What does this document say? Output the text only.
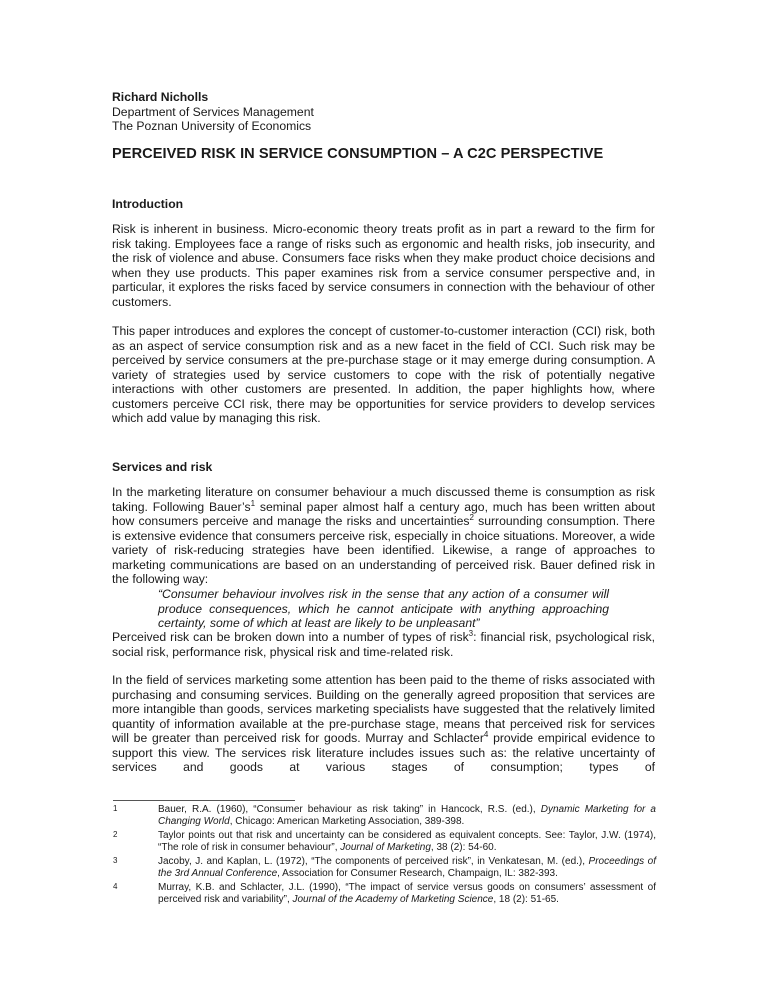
Richard Nicholls
Department of Services Management
The Poznan University of Economics
PERCEIVED RISK IN SERVICE CONSUMPTION – A C2C PERSPECTIVE
Introduction

Risk is inherent in business. Micro-economic theory treats profit as in part a reward to the firm for risk taking. Employees face a range of risks such as ergonomic and health risks, job insecurity, and the risk of violence and abuse. Consumers face risks when they make product choice decisions and when they use products. This paper examines risk from a service consumer perspective and, in particular, it explores the risks faced by service consumers in connection with the behaviour of other customers.

This paper introduces and explores the concept of customer-to-customer interaction (CCI) risk, both as an aspect of service consumption risk and as a new facet in the field of CCI. Such risk may be perceived by service consumers at the pre-purchase stage or it may emerge during consumption. A variety of strategies used by service customers to cope with the risk of potentially negative interactions with other customers are presented. In addition, the paper highlights how, where customers perceive CCI risk, there may be opportunities for service providers to develop services which add value by managing this risk.

Services and risk

In the marketing literature on consumer behaviour a much discussed theme is consumption as risk taking. Following $Bauer’s^1$ seminal paper almost half a century ago, much has been written about how consumers perceive and manage the risks and uncertainties$^2$ surrounding consumption. There is extensive evidence that consumers perceive risk, especially in choice situations. Moreover, a wide variety of risk-reducing strategies have been identified. Likewise, a range of approaches to marketing communications are based on an understanding of perceived risk. Bauer defined risk in the following way:

“Consumer behaviour involves risk in the sense that any action of a consumer will produce consequences, which he cannot anticipate with anything approaching certainty, some of which at least are likely to be unpleasant”

Perceived risk can be broken down into a number of types of risk$^3$: financial risk, psychological risk, social risk, performance risk, physical risk and time-related risk.

In the field of services marketing some attention has been paid to the theme of risks associated with purchasing and consuming services. Building on the generally agreed proposition that services are more intangible than goods, services marketing specialists have suggested that the relatively limited quantity of information available at the pre-purchase stage, means that perceived risk for services will be greater than perceived risk for goods. Murray and Schlacter$^4$ provide empirical evidence to support this view. The services risk literature includes issues such as: the relative uncertainty of services and goods at various stages of consumption; types of

1	Bauer, R.A. (1960), “Consumer behaviour as risk taking” in Hancock, R.S. (ed.), Dynamic Marketing for a Changing World, Chicago: American Marketing Association, 389-398.
2	Taylor points out that risk and uncertainty can be considered as equivalent concepts. See: Taylor, J.W. (1974), “The role of risk in consumer behaviour”, Journal of Marketing, 38 (2): 54-60.
3	Jacoby, J. and Kaplan, L. (1972), “The components of perceived risk”, in Venkatesan, M. (ed.), Proceedings of the 3rd Annual Conference, Association for Consumer Research, Champaign, IL: 382-393.
4	Murray, K.B. and Schlacter, J.L. (1990), “The impact of service versus goods on consumers’ assessment of perceived risk and variability”, Journal of the Academy of Marketing Science, 18 (2): 51-65.
